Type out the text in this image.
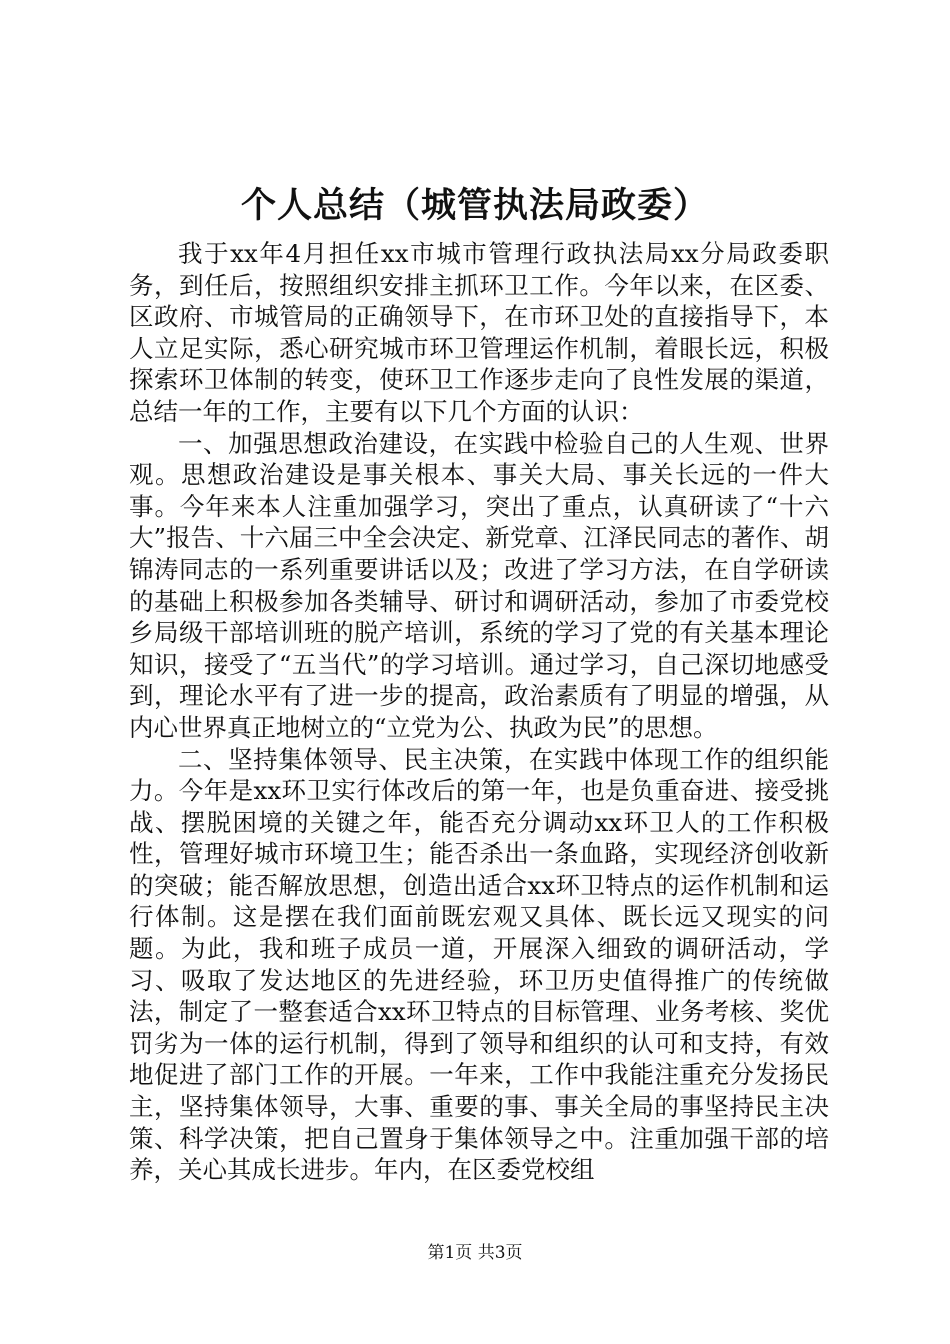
个人总结（城管执法局政委）

我于xx年4月担任xx市城市管理行政执法局xx分局政委职务，到任后，按照组织安排主抓环卫工作。今年以来，在区委、区政府、市城管局的正确领导下，在市环卫处的直接指导下，本人立足实际，悉心研究城市环卫管理运作机制，着眼长远，积极探索环卫体制的转变，使环卫工作逐步走向了良性发展的渠道，总结一年的工作，主要有以下几个方面的认识：

一、加强思想政治建设，在实践中检验自己的人生观、世界观。思想政治建设是事关根本、事关大局、事关长远的一件大事。今年来本人注重加强学习，突出了重点，认真研读了“十六大”报告、十六届三中全会决定、新党章、江泽民同志的著作、胡锦涛同志的一系列重要讲话以及；改进了学习方法，在自学研读的基础上积极参加各类辅导、研讨和调研活动，参加了市委党校乡局级干部培训班的脱产培训，系统的学习了党的有关基本理论知识，接受了“五当代”的学习培训。通过学习，自己深切地感受到，理论水平有了进一步的提高，政治素质有了明显的增强，从内心世界真正地树立的“立党为公、执政为民”的思想。

二、坚持集体领导、民主决策，在实践中体现工作的组织能力。今年是xx环卫实行体改后的第一年，也是负重奋进、接受挑战、摆脱困境的关键之年，能否充分调动xx环卫人的工作积极性，管理好城市环境卫生；能否杀出一条血路，实现经济创收新的突破；能否解放思想，创造出适合xx环卫特点的运作机制和运行体制。这是摆在我们面前既宏观又具体、既长远又现实的问题。为此，我和班子成员一道，开展深入细致的调研活动，学习、吸取了发达地区的先进经验，环卫历史值得推广的传统做法，制定了一整套适合xx环卫特点的目标管理、业务考核、奖优罚劣为一体的运行机制，得到了领导和组织的认可和支持，有效地促进了部门工作的开展。一年来，工作中我能注重充分发扬民主，坚持集体领导，大事、重要的事、事关全局的事坚持民主决策、科学决策，把自己置身于集体领导之中。注重加强干部的培养，关心其成长进步。年内，在区委党校组

第1页 共3页
